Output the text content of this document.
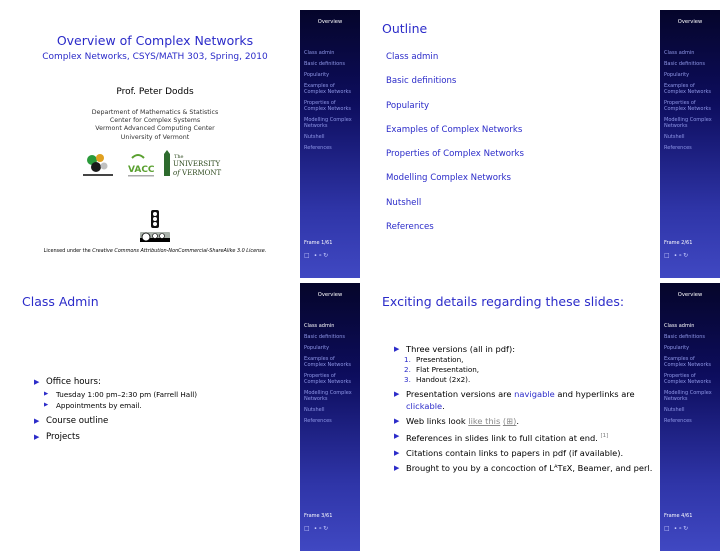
Overview of Complex Networks
Complex Networks, CSYS/MATH 303, Spring, 2010
Prof. Peter Dodds
Department of Mathematics & Statistics
Center for Complex Systems
Vermont Advanced Computing Center
University of Vermont
VACC
The
UNIVERSITY
of VERMONT
Licensed under the Creative Commons Attribution-NonCommercial-ShareAlike 3.0 License.
Overview
Class admin
Basic definitions
Popularity
Examples of Complex Networks
Properties of Complex Networks
Modelling Complex Networks
Nutshell
References
Frame 1/61
□ ∙∘↻
Outline
Class admin
Basic definitions
Popularity
Examples of Complex Networks
Properties of Complex Networks
Modelling Complex Networks
Nutshell
References
Overview
Class admin
Basic definitions
Popularity
Examples of Complex Networks
Properties of Complex Networks
Modelling Complex Networks
Nutshell
References
Frame 2/61
□ ∙∘↻
Class Admin
▶ Office hours:
▶ Tuesday 1:00 pm–2:30 pm (Farrell Hall)
▶ Appointments by email.
▶ Course outline
▶ Projects
Overview
Class admin
Basic definitions
Popularity
Examples of Complex Networks
Properties of Complex Networks
Modelling Complex Networks
Nutshell
References
Frame 3/61
□ ∙∘↻
Exciting details regarding these slides:
▶ Three versions (all in pdf):
1. Presentation,
2. Flat Presentation,
3. Handout (2x2).
▶ Presentation versions are navigable and hyperlinks are clickable.
▶ Web links look like this (⊞).
▶ References in slides link to full citation at end. [1]
▶ Citations contain links to papers in pdf (if available).
▶ Brought to you by a concoction of LᴬTᴇX, Beamer, and perl.
Overview
Class admin
Basic definitions
Popularity
Examples of Complex Networks
Properties of Complex Networks
Modelling Complex Networks
Nutshell
References
Frame 4/61
□ ∙∘↻
